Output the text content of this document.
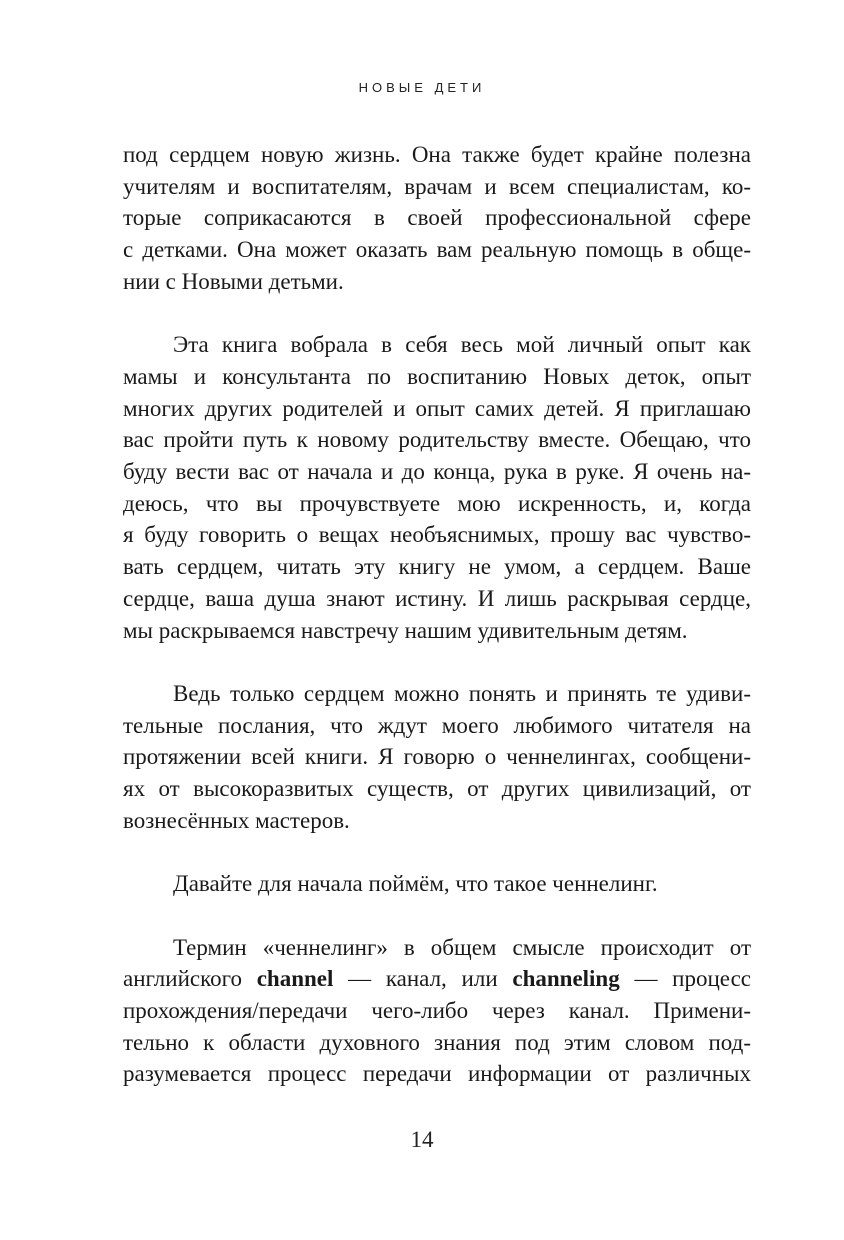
НОВЫЕ ДЕТИ
под сердцем новую жизнь. Она также будет крайне полезна
учителям и воспитателям, врачам и всем специалистам, ко-
торые соприкасаются в своей профессиональной сфере
с детками. Она может оказать вам реальную помощь в обще-
нии с Новыми детьми.
Эта книга вобрала в себя весь мой личный опыт как
мамы и консультанта по воспитанию Новых деток, опыт
многих других родителей и опыт самих детей. Я приглашаю
вас пройти путь к новому родительству вместе. Обещаю, что
буду вести вас от начала и до конца, рука в руке. Я очень на-
деюсь, что вы прочувствуете мою искренность, и, когда
я буду говорить о вещах необъяснимых, прошу вас чувство-
вать сердцем, читать эту книгу не умом, а сердцем. Ваше
сердце, ваша душа знают истину. И лишь раскрывая сердце,
мы раскрываемся навстречу нашим удивительным детям.
Ведь только сердцем можно понять и принять те удиви-
тельные послания, что ждут моего любимого читателя на
протяжении всей книги. Я говорю о ченнелингах, сообщени-
ях от высокоразвитых существ, от других цивилизаций, от
вознесённых мастеров.
Давайте для начала поймём, что такое ченнелинг.
Термин «ченнелинг» в общем смысле происходит от
английского channel — канал, или channeling — процесс
прохождения/передачи чего-либо через канал. Примени-
тельно к области духовного знания под этим словом под-
разумевается процесс передачи информации от различных
14
